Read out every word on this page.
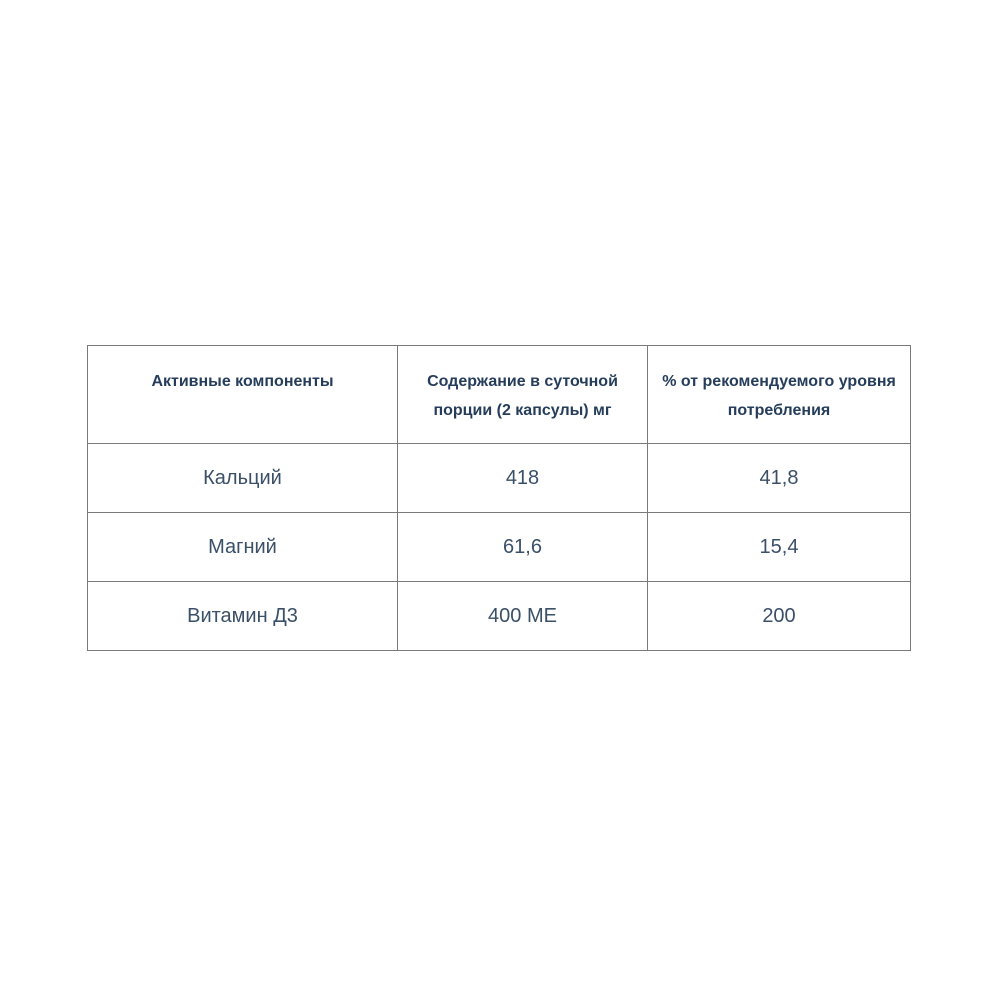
Активные компоненты	Содержание в суточной порции (2 капсулы) мг	% от рекомендуемого уровня потребления
Кальций	418	41,8
Магний	61,6	15,4
Витамин Д3	400 МЕ	200
